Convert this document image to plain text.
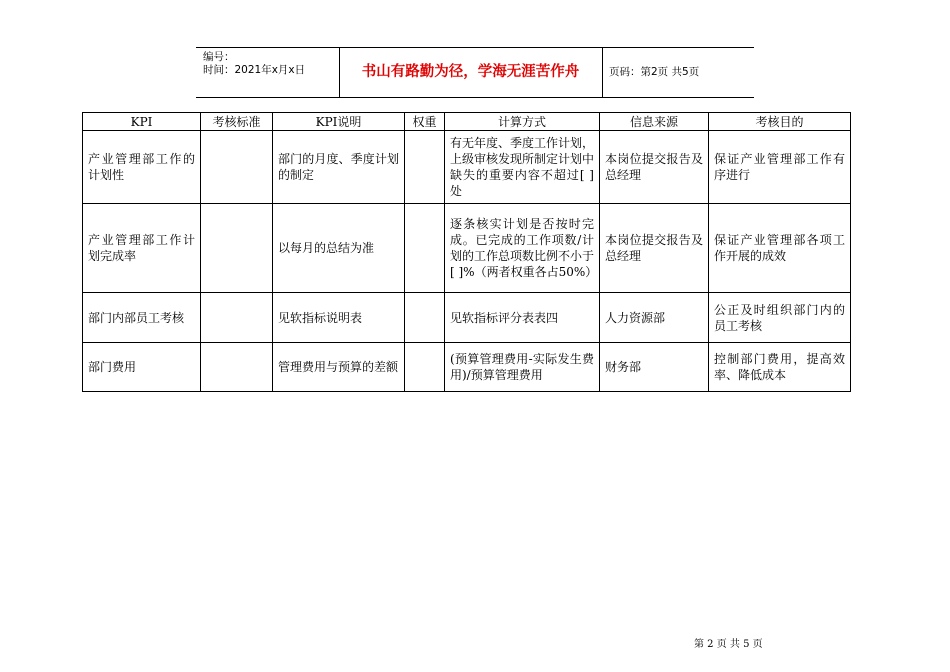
编号：
时间：2021年x月x日	书山有路勤为径，学海无涯苦作舟	页码：第2页 共5页
KPI	考核标准	KPI说明	权重	计算方式	信息来源	考核目的
产业管理部工作的计划性		部门的月度、季度计划的制定		有无年度、季度工作计划，上级审核发现所制定计划中缺失的重要内容不超过[ ]处	本岗位提交报告及总经理	保证产业管理部工作有序进行
产业管理部工作计划完成率		以每月的总结为准		逐条核实计划是否按时完成。已完成的工作项数/计划的工作总项数比例不小于[ ]%（两者权重各占50%）	本岗位提交报告及总经理	保证产业管理部各项工作开展的成效
部门内部员工考核		见软指标说明表		见软指标评分表表四	人力资源部	公正及时组织部门内的员工考核
部门费用		管理费用与预算的差额		(预算管理费用-实际发生费用)/预算管理费用	财务部	控制部门费用，提高效率、降低成本
第 2 页 共 5 页
